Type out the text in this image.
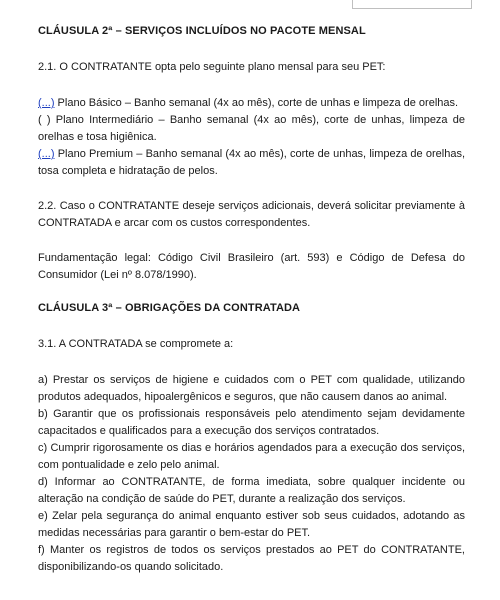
CLÁUSULA 2ª – SERVIÇOS INCLUÍDOS NO PACOTE MENSAL

2.1. O CONTRATANTE opta pelo seguinte plano mensal para seu PET:

(...) Plano Básico – Banho semanal (4x ao mês), corte de unhas e limpeza de orelhas.

( ) Plano Intermediário – Banho semanal (4x ao mês), corte de unhas, limpeza de orelhas e tosa higiênica.

(...) Plano Premium – Banho semanal (4x ao mês), corte de unhas, limpeza de orelhas, tosa completa e hidratação de pelos.

2.2. Caso o CONTRATANTE deseje serviços adicionais, deverá solicitar previamente à CONTRATADA e arcar com os custos correspondentes.

Fundamentação legal: Código Civil Brasileiro (art. 593) e Código de Defesa do Consumidor (Lei nº 8.078/1990).

CLÁUSULA 3ª – OBRIGAÇÕES DA CONTRATADA

3.1. A CONTRATADA se compromete a:

a) Prestar os serviços de higiene e cuidados com o PET com qualidade, utilizando produtos adequados, hipoalergênicos e seguros, que não causem danos ao animal.

b) Garantir que os profissionais responsáveis pelo atendimento sejam devidamente capacitados e qualificados para a execução dos serviços contratados.

c) Cumprir rigorosamente os dias e horários agendados para a execução dos serviços, com pontualidade e zelo pelo animal.

d) Informar ao CONTRATANTE, de forma imediata, sobre qualquer incidente ou alteração na condição de saúde do PET, durante a realização dos serviços.

e) Zelar pela segurança do animal enquanto estiver sob seus cuidados, adotando as medidas necessárias para garantir o bem-estar do PET.

f) Manter os registros de todos os serviços prestados ao PET do CONTRATANTE, disponibilizando-os quando solicitado.
